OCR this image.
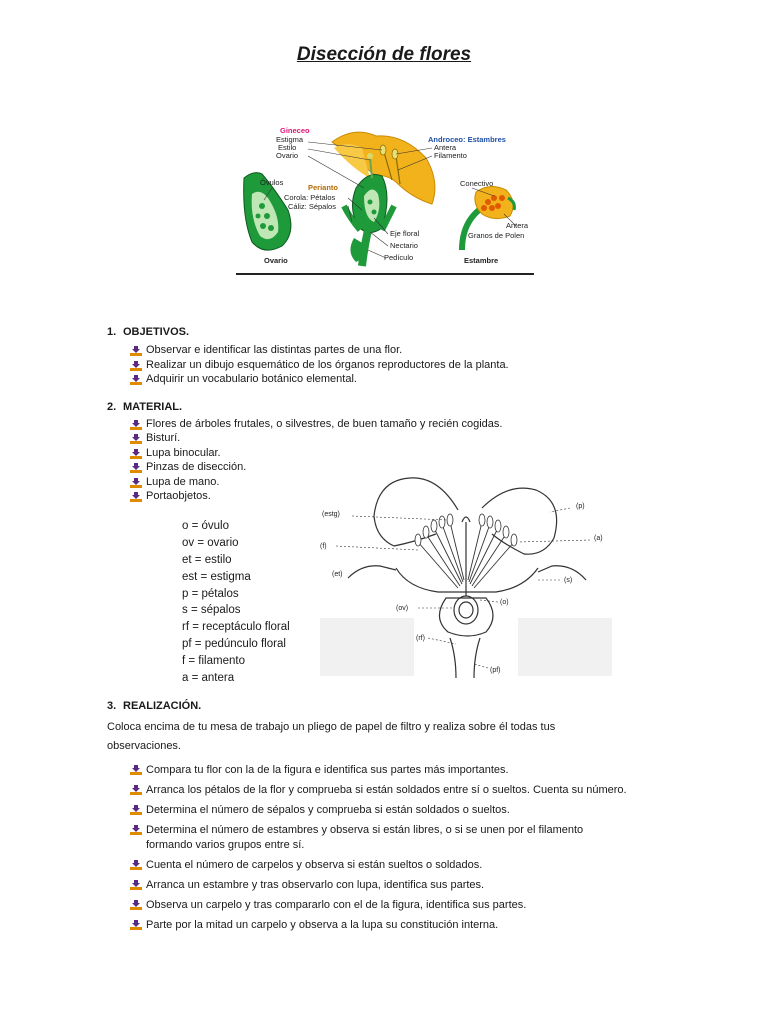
Disección de flores
Gineceo
Estigma
Estilo
Ovario
Androceo: Estambres
Antera
Filamento
Óvulos
Perianto
Corola: Pétalos
Cáliz: Sépalos
Conectivo
Eje floral
Nectario
Pedículo
Antera
Granos de Polen
Ovario	Estambre
1. OBJETIVOS.
Observar e identificar las distintas partes de una flor.
Realizar un dibujo esquemático de los órganos reproductores de la planta.
Adquirir un vocabulario botánico elemental.
2. MATERIAL.
Flores de árboles frutales, o silvestres, de buen tamaño y recién cogidas.
Bisturí.
Lupa binocular.
Pinzas de disección.
Lupa de mano.
Portaobjetos.
o = óvulo
ov = ovario
et = estilo
est = estigma
p = pétalos
s = sépalos
rf = receptáculo floral
pf = pedúnculo floral
f = filamento
a = antera
(estg)
(f)
(et)
(ov)
(rf)
(p)
(a)
(s)
(o)
(pf)
3. REALIZACIÓN.

Coloca encima de tu mesa de trabajo un pliego de papel de filtro y realiza sobre él todas tus observaciones.

Compara tu flor con la de la figura e identifica sus partes más importantes.
Arranca los pétalos de la flor y comprueba si están soldados entre sí o sueltos. Cuenta su número.
Determina el número de sépalos y comprueba si están soldados o sueltos.
Determina el número de estambres y observa si están libres, o si se unen por el filamento formando varios grupos entre sí.
Cuenta el número de carpelos y observa si están sueltos o soldados.
Arranca un estambre y tras observarlo con lupa, identifica sus partes.
Observa un carpelo y tras compararlo con el de la figura, identifica sus partes.
Parte por la mitad un carpelo y observa a la lupa su constitución interna.
